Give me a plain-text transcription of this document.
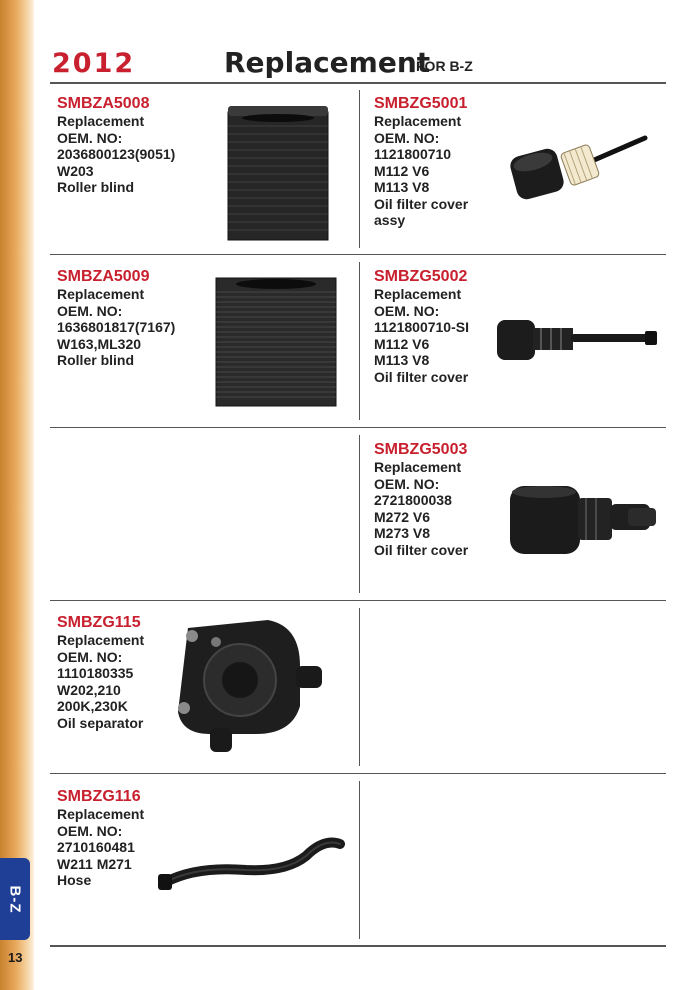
B-Z
13
2012	Replacement
FOR B-Z
SMBZA5008
Replacement
OEM. NO:
2036800123(9051)
W203
Roller blind
SMBZG5001
Replacement
OEM. NO:
1121800710
M112 V6
M113 V8
Oil filter cover
assy
SMBZA5009
Replacement
OEM. NO:
1636801817(7167)
W163,ML320
Roller blind
SMBZG5002
Replacement
OEM. NO:
1121800710-SI
M112 V6
M113 V8
Oil filter cover
SMBZG5003
Replacement
OEM. NO:
2721800038
M272 V6
M273 V8
Oil filter cover
SMBZG115
Replacement
OEM. NO:
1110180335
W202,210
200K,230K
Oil separator
SMBZG116
Replacement
OEM. NO:
2710160481
W211 M271
Hose
